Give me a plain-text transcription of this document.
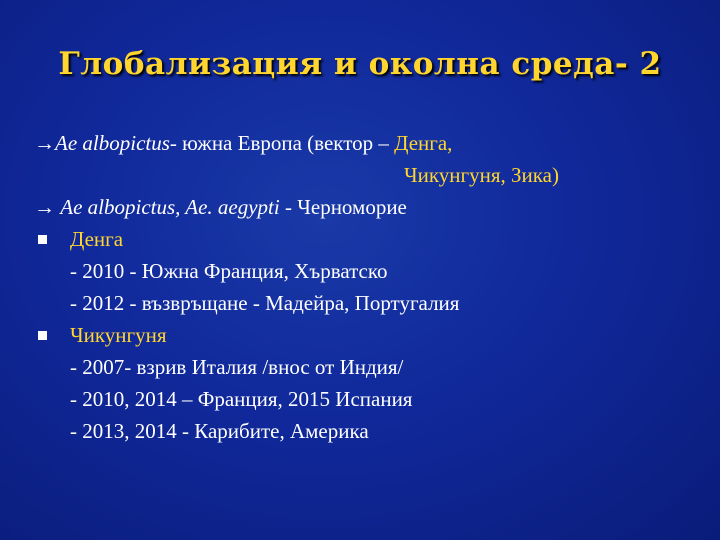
Глобализация и околна среда- 2
→Ae albopictus- южна Европа (вектор – Денга,
Чикунгуня, Зика)
→ Ae albopictus, Ae. aegypti - Черноморие
Денга
- 2010 - Южна Франция, Хърватско
- 2012 - възвръщане - Мадейра, Португалия
Чикунгуня
- 2007- взрив Италия /внос от Индия/
- 2010, 2014 – Франция, 2015 Испания
- 2013, 2014 - Карибите, Америка
